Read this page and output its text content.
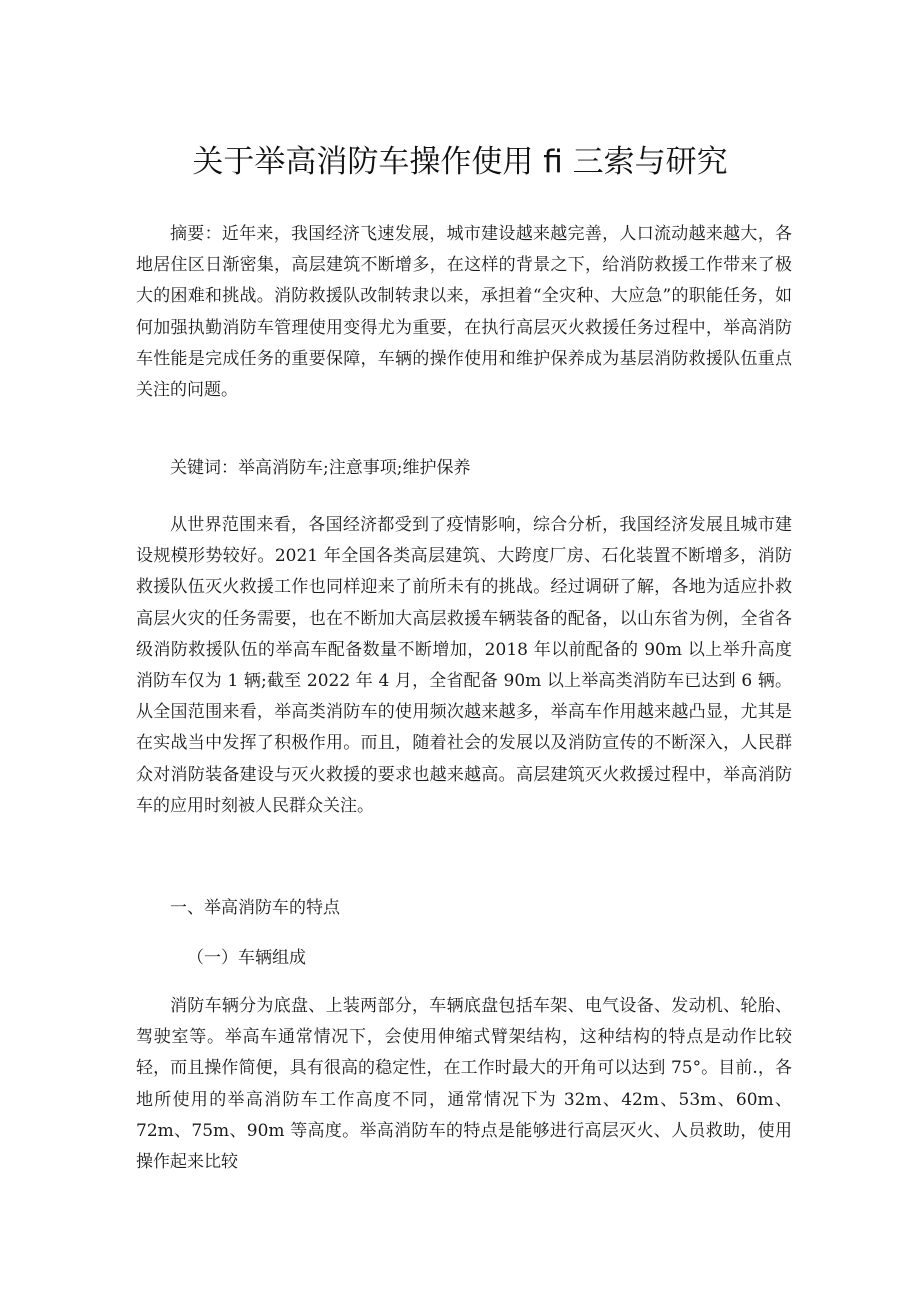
关于举高消防车操作使用 fi 三索与研究

摘要：近年来，我国经济飞速发展，城市建设越来越完善，人口流动越来越大，各地居住区日渐密集，高层建筑不断增多，在这样的背景之下，给消防救援工作带来了极大的困难和挑战。消防救援队改制转隶以来，承担着“全灾种、大应急”的职能任务，如何加强执勤消防车管理使用变得尤为重要，在执行高层灭火救援任务过程中，举高消防车性能是完成任务的重要保障，车辆的操作使用和维护保养成为基层消防救援队伍重点关注的问题。

关键词：举高消防车;注意事项;维护保养

从世界范围来看，各国经济都受到了疫情影响，综合分析，我国经济发展且城市建设规模形势较好。2021 年全国各类高层建筑、大跨度厂房、石化装置不断增多，消防救援队伍灭火救援工作也同样迎来了前所未有的挑战。经过调研了解，各地为适应扑救高层火灾的任务需要，也在不断加大高层救援车辆装备的配备，以山东省为例，全省各级消防救援队伍的举高车配备数量不断增加，2018 年以前配备的 90m 以上举升高度消防车仅为 1 辆;截至 2022 年 4 月，全省配备 90m 以上举高类消防车已达到 6 辆。从全国范围来看，举高类消防车的使用频次越来越多，举高车作用越来越凸显，尤其是在实战当中发挥了积极作用。而且，随着社会的发展以及消防宣传的不断深入，人民群众对消防装备建设与灭火救援的要求也越来越高。高层建筑灭火救援过程中，举高消防车的应用时刻被人民群众关注。

一、举高消防车的特点
（一）车辆组成

消防车辆分为底盘、上装两部分，车辆底盘包括车架、电气设备、发动机、轮胎、驾驶室等。举高车通常情况下，会使用伸缩式臂架结构，这种结构的特点是动作比较轻，而且操作简便，具有很高的稳定性，在工作时最大的开角可以达到 75°。目前.，各地所使用的举高消防车工作高度不同，通常情况下为 32m、42m、53m、60m、72m、75m、90m 等高度。举高消防车的特点是能够进行高层灭火、人员救助，使用操作起来比较
